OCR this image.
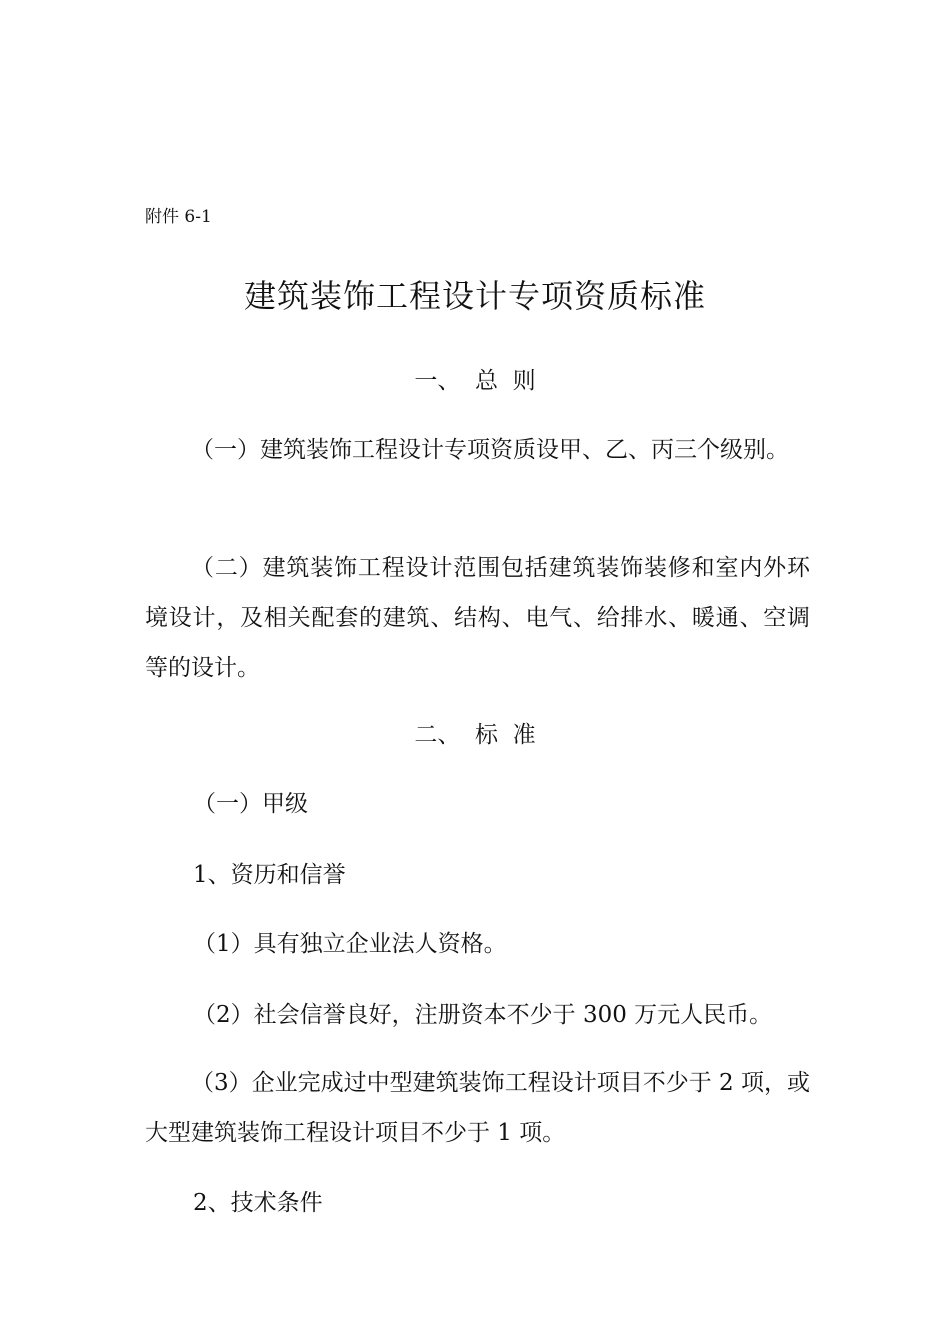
附件 6-1
建筑装饰工程设计专项资质标准
一、  总  则
（一）建筑装饰工程设计专项资质设甲、乙、丙三个级别。
（二）建筑装饰工程设计范围包括建筑装饰装修和室内外环境设计，及相关配套的建筑、结构、电气、给排水、暖通、空调等的设计。
二、  标  准
（一）甲级
1、资历和信誉
（1）具有独立企业法人资格。
（2）社会信誉良好，注册资本不少于 300 万元人民币。
（3）企业完成过中型建筑装饰工程设计项目不少于 2 项，或大型建筑装饰工程设计项目不少于 1 项。
2、技术条件
